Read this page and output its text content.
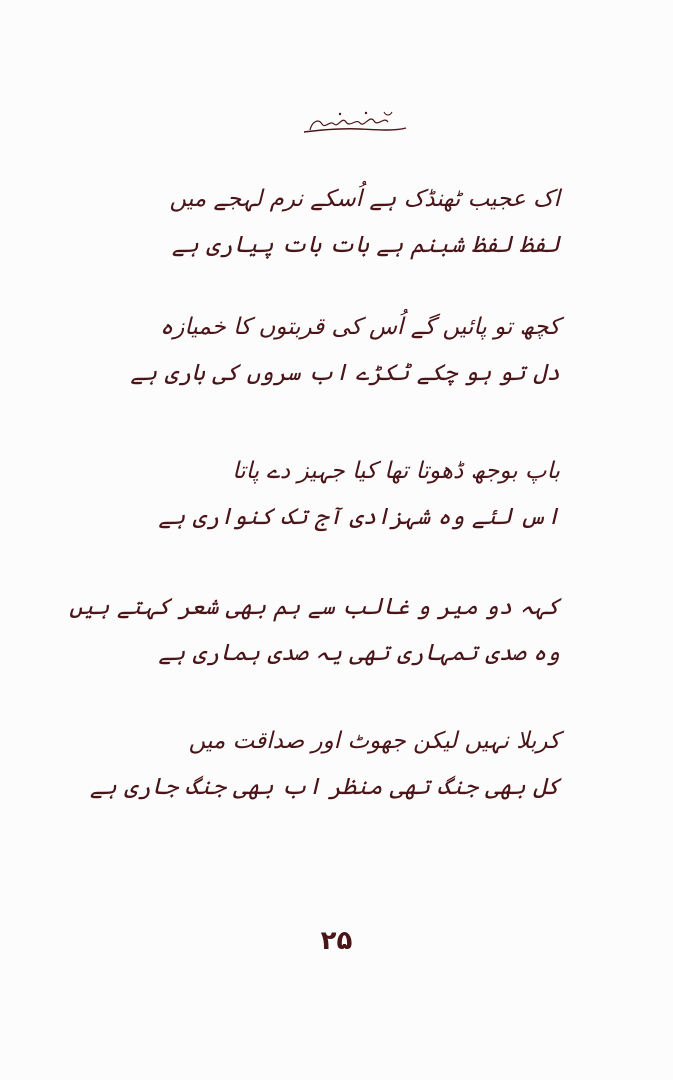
اک عجیب ٹھنڈک ہے اُسکے نرم لہجے میں
لفظ لفظ شبنم ہے بات بات پیاری ہے
کچھ تو پائیں گے اُس کی قربتوں کا خمیازہ
دل تو ہو چکے ٹکڑے اب سروں کی باری ہے
باپ بوجھ ڈھوتا تھا کیا جہیز دے پاتا
اس لئے وہ شہزادی آج تک کنواری ہے
کہہ دو میر و غالب سے ہم بھی شعر کہتے ہیں
وہ صدی تمہاری تھی یہ صدی ہماری ہے
کربلا نہیں لیکن جھوٹ اور صداقت میں
کل بھی جنگ تھی منظر اب بھی جنگ جاری ہے
۲۵
